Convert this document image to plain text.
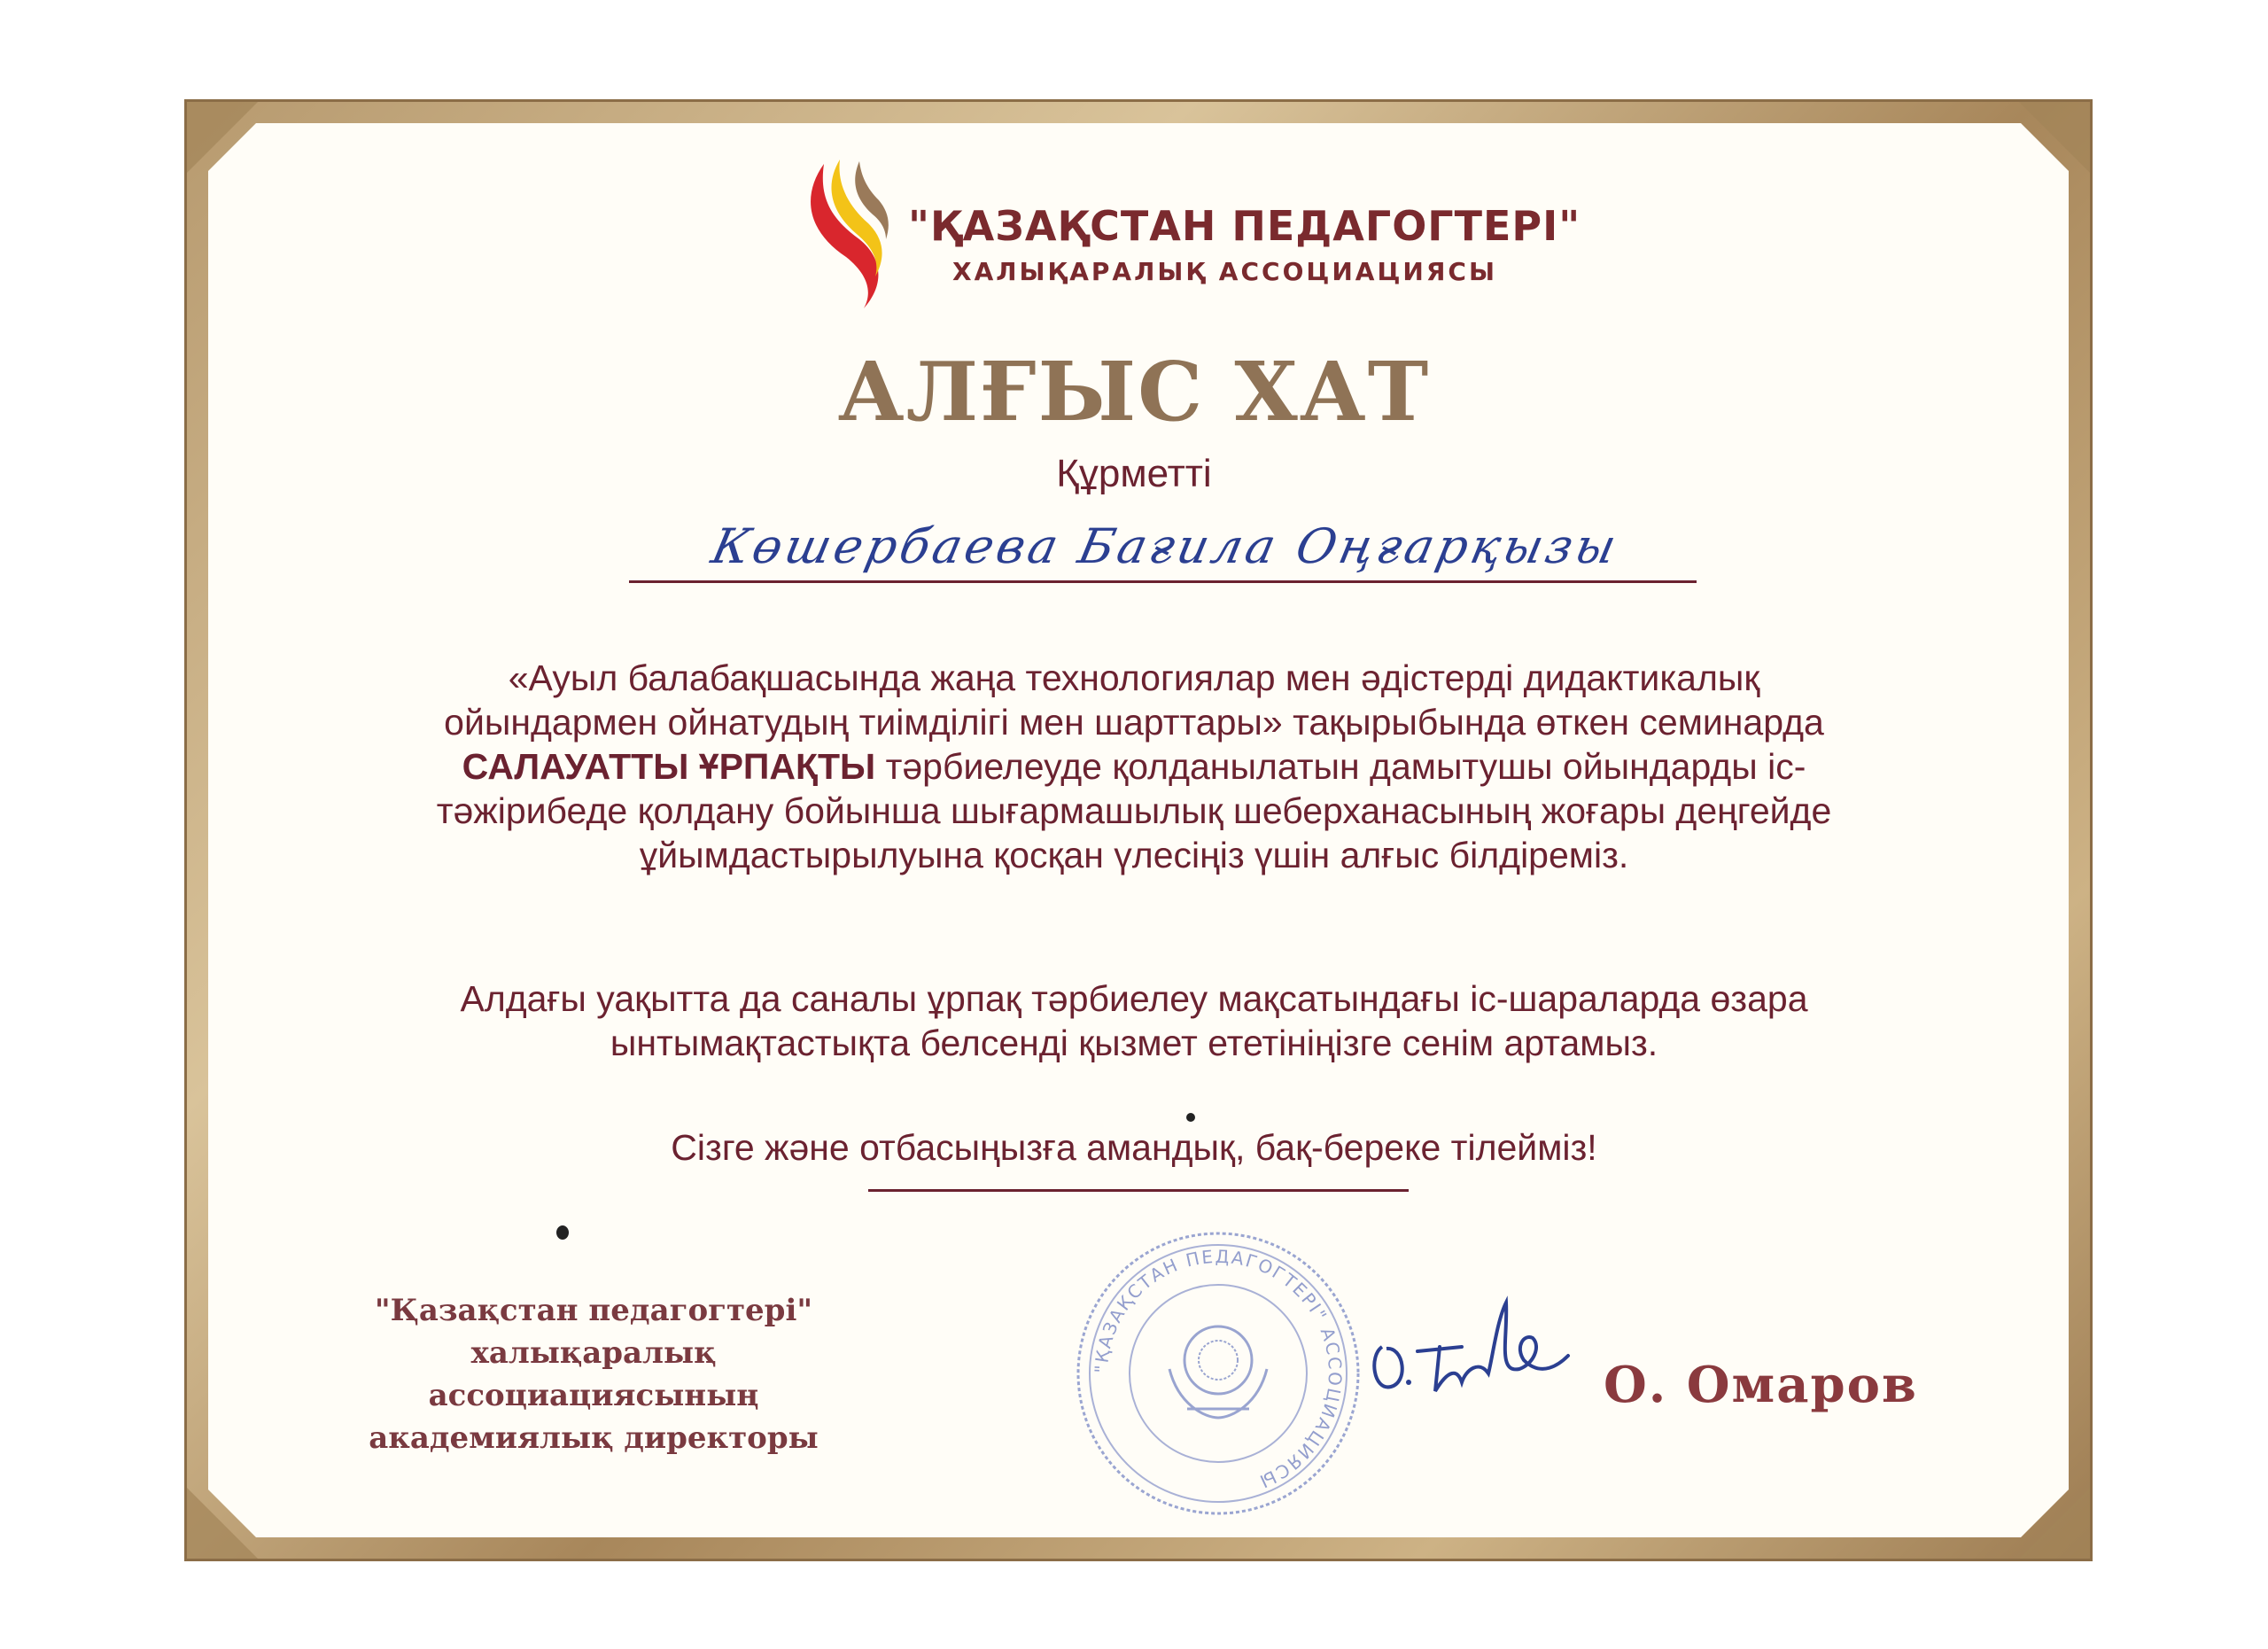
"ҚАЗАҚСТАН ПЕДАГОГТЕРІ"
ХАЛЫҚАРАЛЫҚ АССОЦИАЦИЯСЫ
АЛҒЫС ХАТ
Құрметті
Көшербаева Бағила Оңғарқызы
«Ауыл балабақшасында жаңа технологиялар мен әдістерді дидактикалық
ойындармен ойнатудың тиімділігі мен шарттары» тақырыбында өткен семинарда
САЛАУАТТЫ ҰРПАҚТЫ тәрбиелеуде қолданылатын дамытушы ойындарды іс-
тәжірибеде қолдану бойынша шығармашылық шеберханасының жоғары деңгейде
ұйымдастырылуына қосқан үлесіңіз үшін алғыс білдіреміз.
Алдағы уақытта да саналы ұрпақ тәрбиелеу мақсатындағы іс-шараларда өзара
ынтымақтастықта белсенді қызмет ететініңізге сенім артамыз.
Сізге және отбасыңызға амандық, бақ-береке тілейміз!
"Қазақстан педагогтері"
халықаралық
ассоциациясының
академиялық директоры
"ҚАЗАҚСТАН ПЕДАГОГТЕРІ" АССОЦИАЦИЯСЫ
О. Омаров
